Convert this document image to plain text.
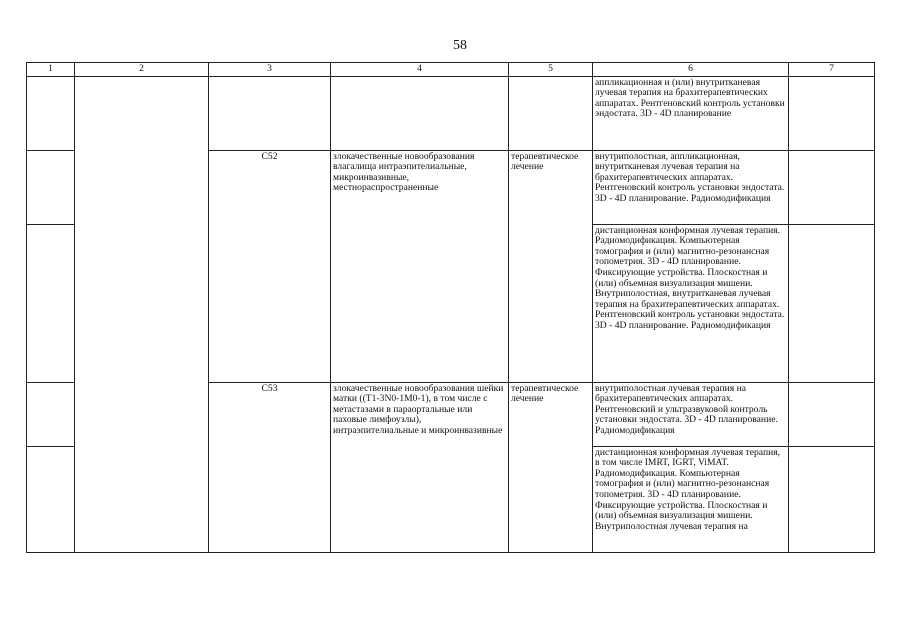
58
1	2	3	4	5	6	7
					аппликационная и (или) внутритканевая лучевая терапия на брахитерапевтических аппаратах. Рентгеновский контроль установки эндостата. 3D - 4D планирование	
		C52	злокачественные новообразования влагалища интраэпителиальные, микроинвазивные, местнораспространенные	терапевтическое лечение	внутриполостная, аппликационная, внутритканевая лучевая терапия на брахитерапевтических аппаратах. Рентгеновский контроль установки эндостата. 3D - 4D планирование. Радиомодификация	
					дистанционная конформная лучевая терапия. Радиомодификация. Компьютерная томография и (или) магнитно-резонансная топометрия. 3D - 4D планирование. Фиксирующие устройства. Плоскостная и (или) объемная визуализация мишени. Внутриполостная, внутритканевая лучевая терапия на брахитерапевтических аппаратах. Рентгеновский контроль установки эндостата. 3D - 4D планирование. Радиомодификация	
		C53	злокачественные новообразования шейки матки ((T1-3N0-1M0-1), в том числе с метастазами в параортальные или паховые лимфоузлы), интраэпителиальные и микроинвазивные	терапевтическое лечение	внутриполостная лучевая терапия на брахитерапевтических аппаратах. Рентгеновский и ультразвуковой контроль установки эндостата. 3D - 4D планирование. Радиомодификация	
					дистанционная конформная лучевая терапия, в том числе IMRT, IGRT, ViMAT. Радиомодификация. Компьютерная томография и (или) магнитно-резонансная топометрия. 3D - 4D планирование. Фиксирующие устройства. Плоскостная и (или) объемная визуализация мишени. Внутриполостная лучевая терапия на	
